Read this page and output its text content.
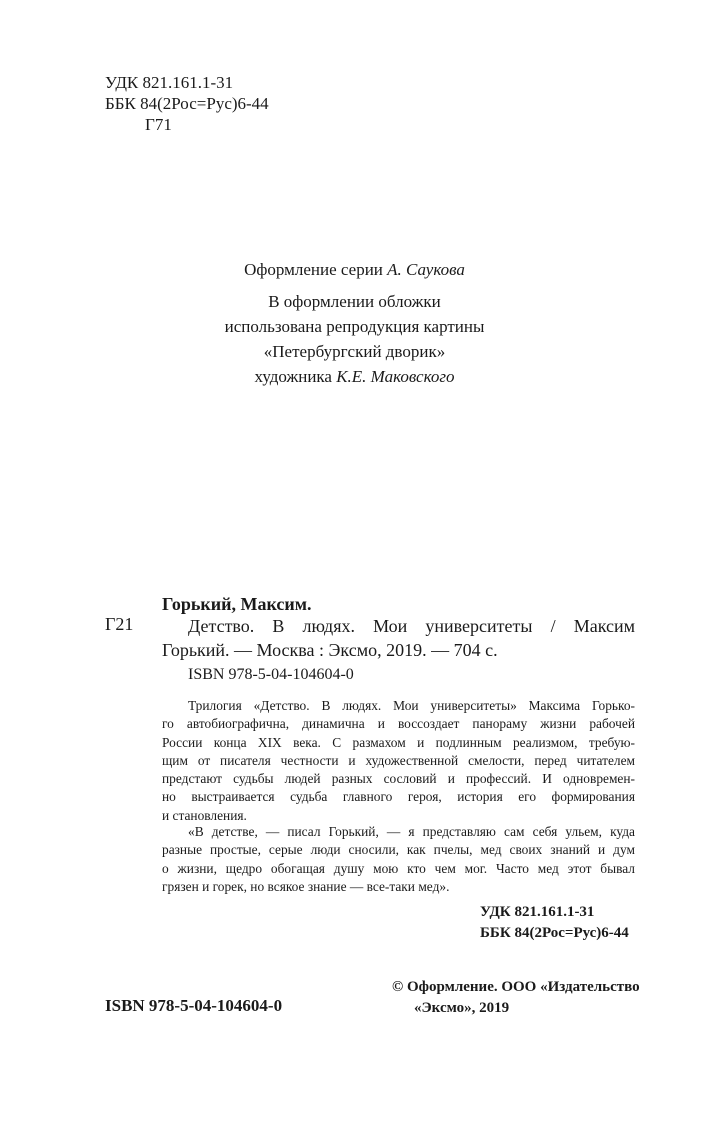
УДК 821.161.1-31
ББК 84(2Рос=Рус)6-44
Г71
Оформление серии А. Саукова
В оформлении обложки
использована репродукция картины
«Петербургский дворик»
художника К.Е. Маковского
Горький, Максим.
Г21	Детство. В людях. Мои университеты / Максим
Горький. — Москва : Эксмо, 2019. — 704 с.
ISBN 978-5-04-104604-0
Трилогия «Детство. В людях. Мои университеты» Максима Горько-
го автобиографична, динамична и воссоздает панораму жизни рабочей
России конца XIX века. С размахом и подлинным реализмом, требую-
щим от писателя честности и художественной смелости, перед читателем
предстают судьбы людей разных сословий и профессий. И одновремен-
но выстраивается судьба главного героя, история его формирования
и становления.
«В детстве, — писал Горький, — я представляю сам себя ульем, куда
разные простые, серые люди сносили, как пчелы, мед своих знаний и дум
о жизни, щедро обогащая душу мою кто чем мог. Часто мед этот бывал
грязен и горек, но всякое знание — все-таки мед».
УДК 821.161.1-31
ББК 84(2Рос=Рус)6-44
ISBN 978-5-04-104604-0
© Оформление. ООО «Издательство
«Эксмо», 2019
